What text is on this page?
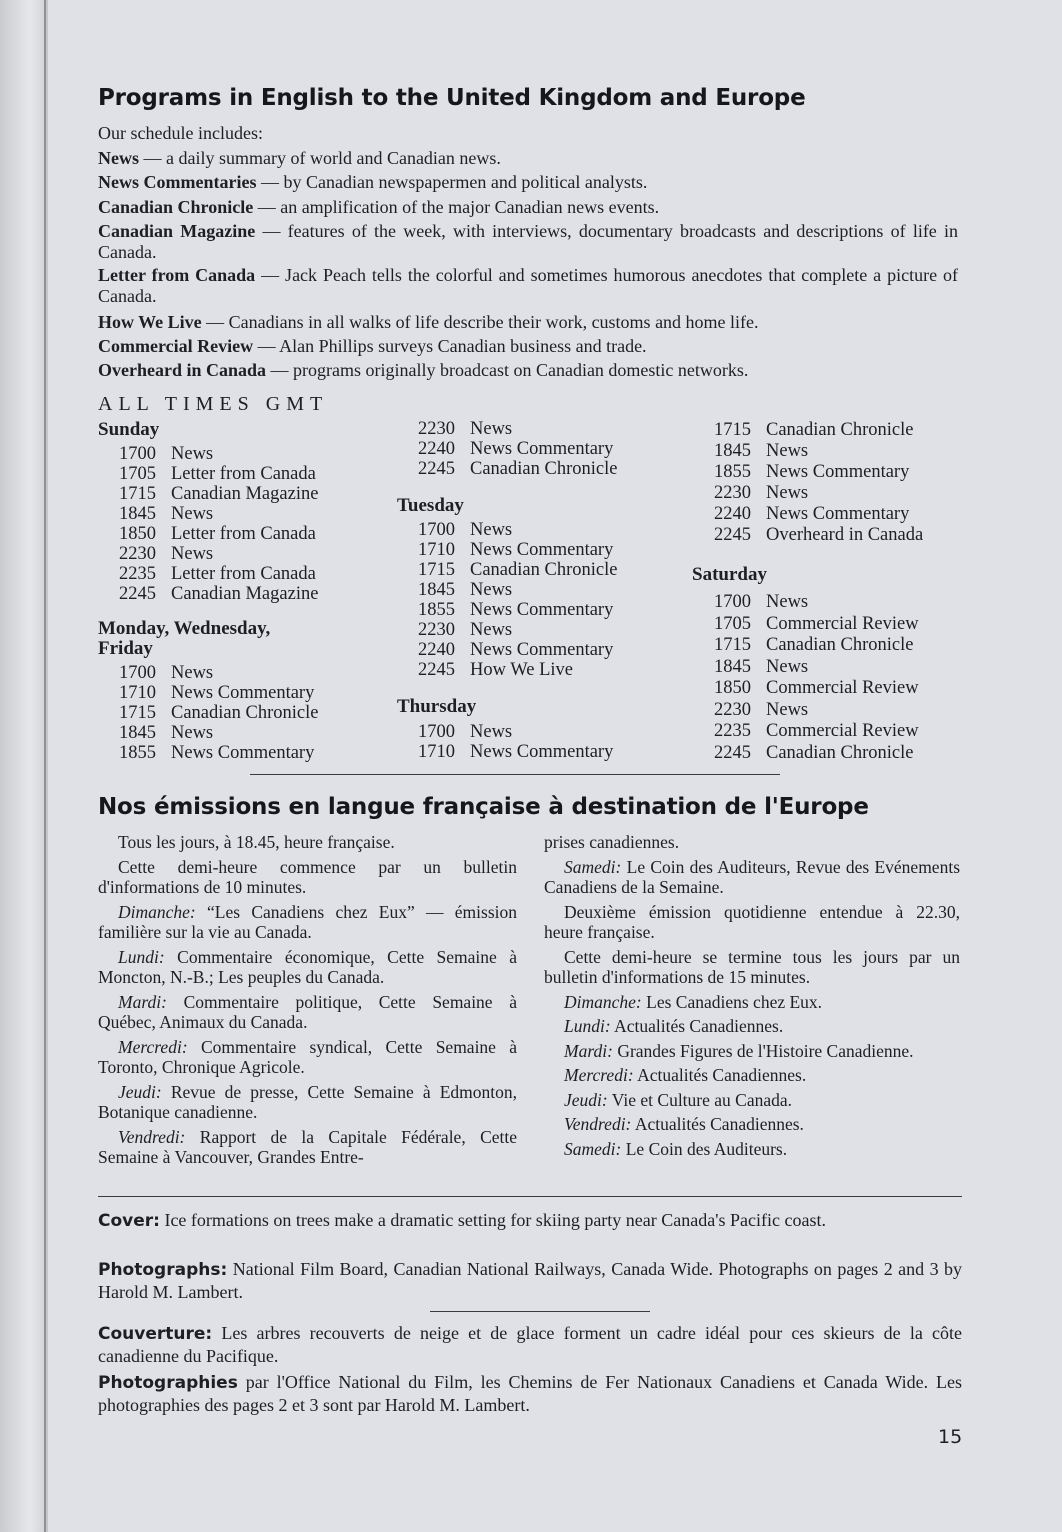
Programs in English to the United Kingdom and Europe
Our schedule includes:
News — a daily summary of world and Canadian news.
News Commentaries — by Canadian newspapermen and political analysts.
Canadian Chronicle — an amplification of the major Canadian news events.
Canadian Magazine — features of the week, with interviews, documentary broadcasts and descriptions of life in Canada.
Letter from Canada — Jack Peach tells the colorful and sometimes humorous anecdotes that complete a picture of Canada.
How We Live — Canadians in all walks of life describe their work, customs and home life.
Commercial Review — Alan Phillips surveys Canadian business and trade.
Overheard in Canada — programs originally broadcast on Canadian domestic networks.
ALL TIMES GMT
Sunday
1700 News
1705 Letter from Canada
1715 Canadian Magazine
1845 News
1850 Letter from Canada
2230 News
2235 Letter from Canada
2245 Canadian Magazine
Monday, Wednesday,
Friday
1700 News
1710 News Commentary
1715 Canadian Chronicle
1845 News
1855 News Commentary
2230 News
2240 News Commentary
2245 Canadian Chronicle
Tuesday
1700 News
1710 News Commentary
1715 Canadian Chronicle
1845 News
1855 News Commentary
2230 News
2240 News Commentary
2245 How We Live
Thursday
1700 News
1710 News Commentary
1715 Canadian Chronicle
1845 News
1855 News Commentary
2230 News
2240 News Commentary
2245 Overheard in Canada
Saturday
1700 News
1705 Commercial Review
1715 Canadian Chronicle
1845 News
1850 Commercial Review
2230 News
2235 Commercial Review
2245 Canadian Chronicle
Nos émissions en langue française à destination de l'Europe

Tous les jours, à 18.45, heure française.

Cette demi-heure commence par un bulletin d'informations de 10 minutes.

Dimanche: “Les Canadiens chez Eux” — émission familière sur la vie au Canada.

Lundi: Commentaire économique, Cette Semaine à Moncton, N.-B.; Les peuples du Canada.

Mardi: Commentaire politique, Cette Semaine à Québec, Animaux du Canada.

Mercredi: Commentaire syndical, Cette Semaine à Toronto, Chronique Agricole.

Jeudi: Revue de presse, Cette Semaine à Edmonton, Botanique canadienne.

Vendredi: Rapport de la Capitale Fédérale, Cette Semaine à Vancouver, Grandes Entre-

prises canadiennes.

Samedi: Le Coin des Auditeurs, Revue des Evénements Canadiens de la Semaine.

Deuxième émission quotidienne entendue à 22.30, heure française.

Cette demi-heure se termine tous les jours par un bulletin d'informations de 15 minutes.

Dimanche: Les Canadiens chez Eux.

Lundi: Actualités Canadiennes.

Mardi: Grandes Figures de l'Histoire Canadienne.

Mercredi: Actualités Canadiennes.

Jeudi: Vie et Culture au Canada.

Vendredi: Actualités Canadiennes.

Samedi: Le Coin des Auditeurs.

Cover: Ice formations on trees make a dramatic setting for skiing party near Canada's Pacific coast.
Photographs: National Film Board, Canadian National Railways, Canada Wide. Photographs on pages 2 and 3 by Harold M. Lambert.
Couverture: Les arbres recouverts de neige et de glace forment un cadre idéal pour ces skieurs de la côte canadienne du Pacifique.
Photographies par l'Office National du Film, les Chemins de Fer Nationaux Canadiens et Canada Wide. Les photographies des pages 2 et 3 sont par Harold M. Lambert.
15
